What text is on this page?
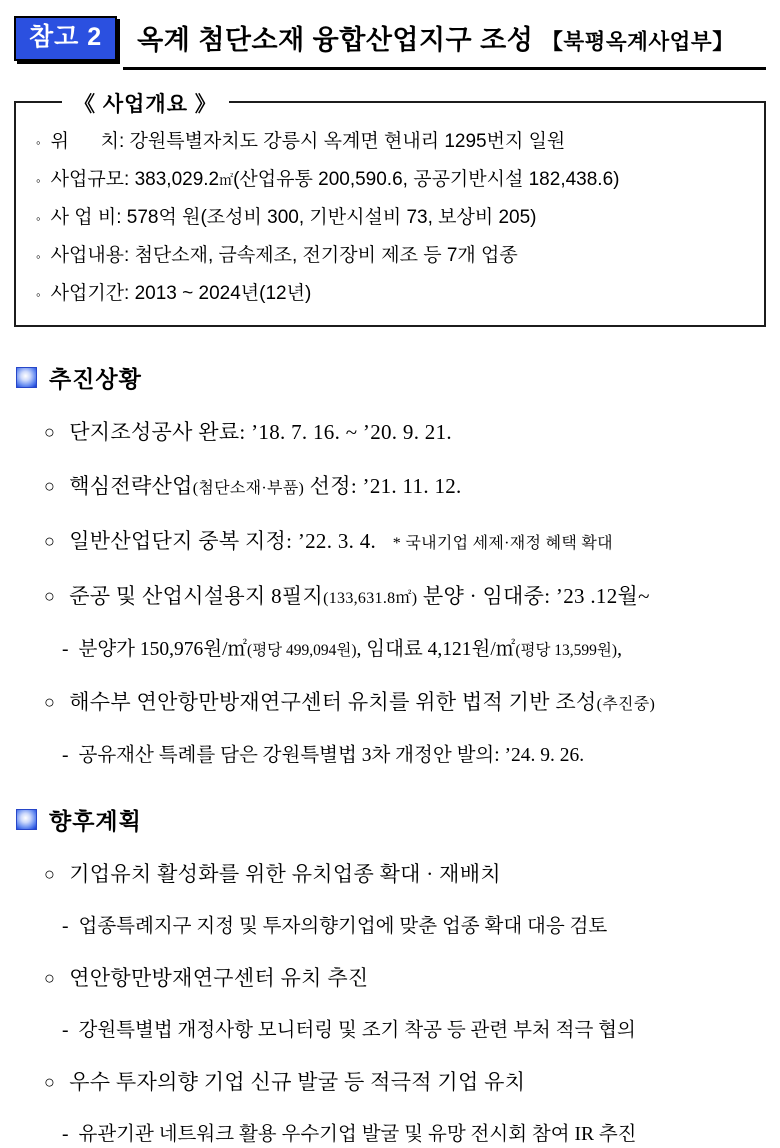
참고 2	옥계 첨단소재 융합산업지구 조성 【북평옥계사업부】
《 사업개요 》
◦ 위      치: 강원특별자치도 강릉시 옥계면 현내리 1295번지 일원
◦ 사업규모: 383,029.2㎡(산업유통 200,590.6, 공공기반시설 182,438.6)
◦ 사 업 비: 578억 원(조성비 300, 기반시설비 73, 보상비 205)
◦ 사업내용: 첨단소재, 금속제조, 전기장비 제조 등 7개 업종
◦ 사업기간: 2013 ~ 2024년(12년)
추진상황
○ 단지조성공사 완료: ’18. 7. 16. ~ ’20. 9. 21.
○ 핵심전략산업(첨단소재·부품) 선정: ’21. 11. 12.
○ 일반산업단지 중복 지정: ’22. 3. 4.   * 국내기업 세제·재정 혜택 확대
○ 준공 및 산업시설용지 8필지(133,631.8㎡) 분양 · 임대중: ’23 .12월~
- 분양가 150,976원/㎡(평당 499,094원), 임대료 4,121원/㎡(평당 13,599원),
○ 해수부 연안항만방재연구센터 유치를 위한 법적 기반 조성(추진중)
- 공유재산 특례를 담은 강원특별법 3차 개정안 발의: ’24. 9. 26.
향후계획
○ 기업유치 활성화를 위한 유치업종 확대 · 재배치
- 업종특례지구 지정 및 투자의향기업에 맞춘 업종 확대 대응 검토
○ 연안항만방재연구센터 유치 추진
- 강원특별법 개정사항 모니터링 및 조기 착공 등 관련 부처 적극 협의
○ 우수 투자의향 기업 신규 발굴 등 적극적 기업 유치
- 유관기관 네트워크 활용 우수기업 발굴 및 유망 전시회 참여 IR 추진
